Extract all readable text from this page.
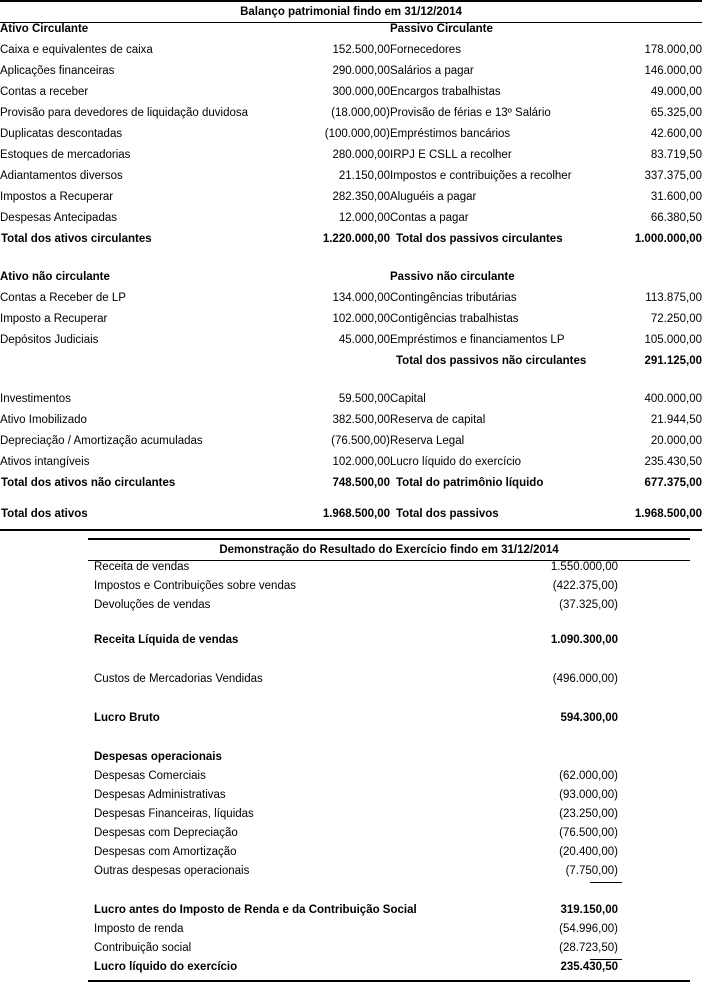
Balanço patrimonial findo em 31/12/2014
Ativo Circulante		Passivo Circulante	
Caixa e equivalentes de caixa	152.500,00	Fornecedores	178.000,00
Aplicações financeiras	290.000,00	Salários a pagar	146.000,00
Contas a receber	300.000,00	Encargos trabalhistas	49.000,00
Provisão para devedores de liquidação duvidosa	(18.000,00)	Provisão de férias e 13º Salário	65.325,00
Duplicatas descontadas	(100.000,00)	Empréstimos bancários	42.600,00
Estoques de mercadorias	280.000,00	IRPJ E CSLL a recolher	83.719,50
Adiantamentos diversos	21.150,00	Impostos e contribuições a recolher	337.375,00
Impostos a Recuperar	282.350,00	Aluguéis a pagar	31.600,00
Despesas Antecipadas	12.000,00	Contas a pagar	66.380,50
Total dos ativos circulantes	1.220.000,00	Total dos passivos circulantes	1.000.000,00

Ativo não circulante		Passivo não circulante	
Contas a Receber de LP	134.000,00	Contingências tributárias	113.875,00
Imposto a Recuperar	102.000,00	Contigências trabalhistas	72.250,00
Depósitos Judiciais	45.000,00	Empréstimos e financiamentos LP	105.000,00
		Total dos passivos não circulantes	291.125,00

Investimentos	59.500,00	Capital	400.000,00
Ativo Imobilizado	382.500,00	Reserva de capital	21.944,50
Depreciação / Amortização acumuladas	(76.500,00)	Reserva Legal	20.000,00
Ativos intangíveis	102.000,00	Lucro líquido do exercício	235.430,50
Total dos ativos não circulantes	748.500,00	Total do patrimônio líquido	677.375,00

Total dos ativos	1.968.500,00	Total dos passivos	1.968.500,00
Demonstração do Resultado do Exercício findo em 31/12/2014
Receita de vendas	1.550.000,00
Impostos e Contribuições sobre vendas	(422.375,00)
Devoluções de vendas	(37.325,00)

Receita Líquida de vendas	1.090.300,00

Custos de Mercadorias Vendidas	(496.000,00)

Lucro Bruto	594.300,00

Despesas operacionais	
Despesas Comerciais	(62.000,00)
Despesas Administrativas	(93.000,00)
Despesas Financeiras, líquidas	(23.250,00)
Despesas com Depreciação	(76.500,00)
Despesas com Amortização	(20.400,00)
Outras despesas operacionais	(7.750,00)

Lucro antes do Imposto de Renda e da Contribuição Social	319.150,00
Imposto de renda	(54.996,00)
Contribuição social	(28.723,50)
Lucro líquido do exercício	235.430,50
